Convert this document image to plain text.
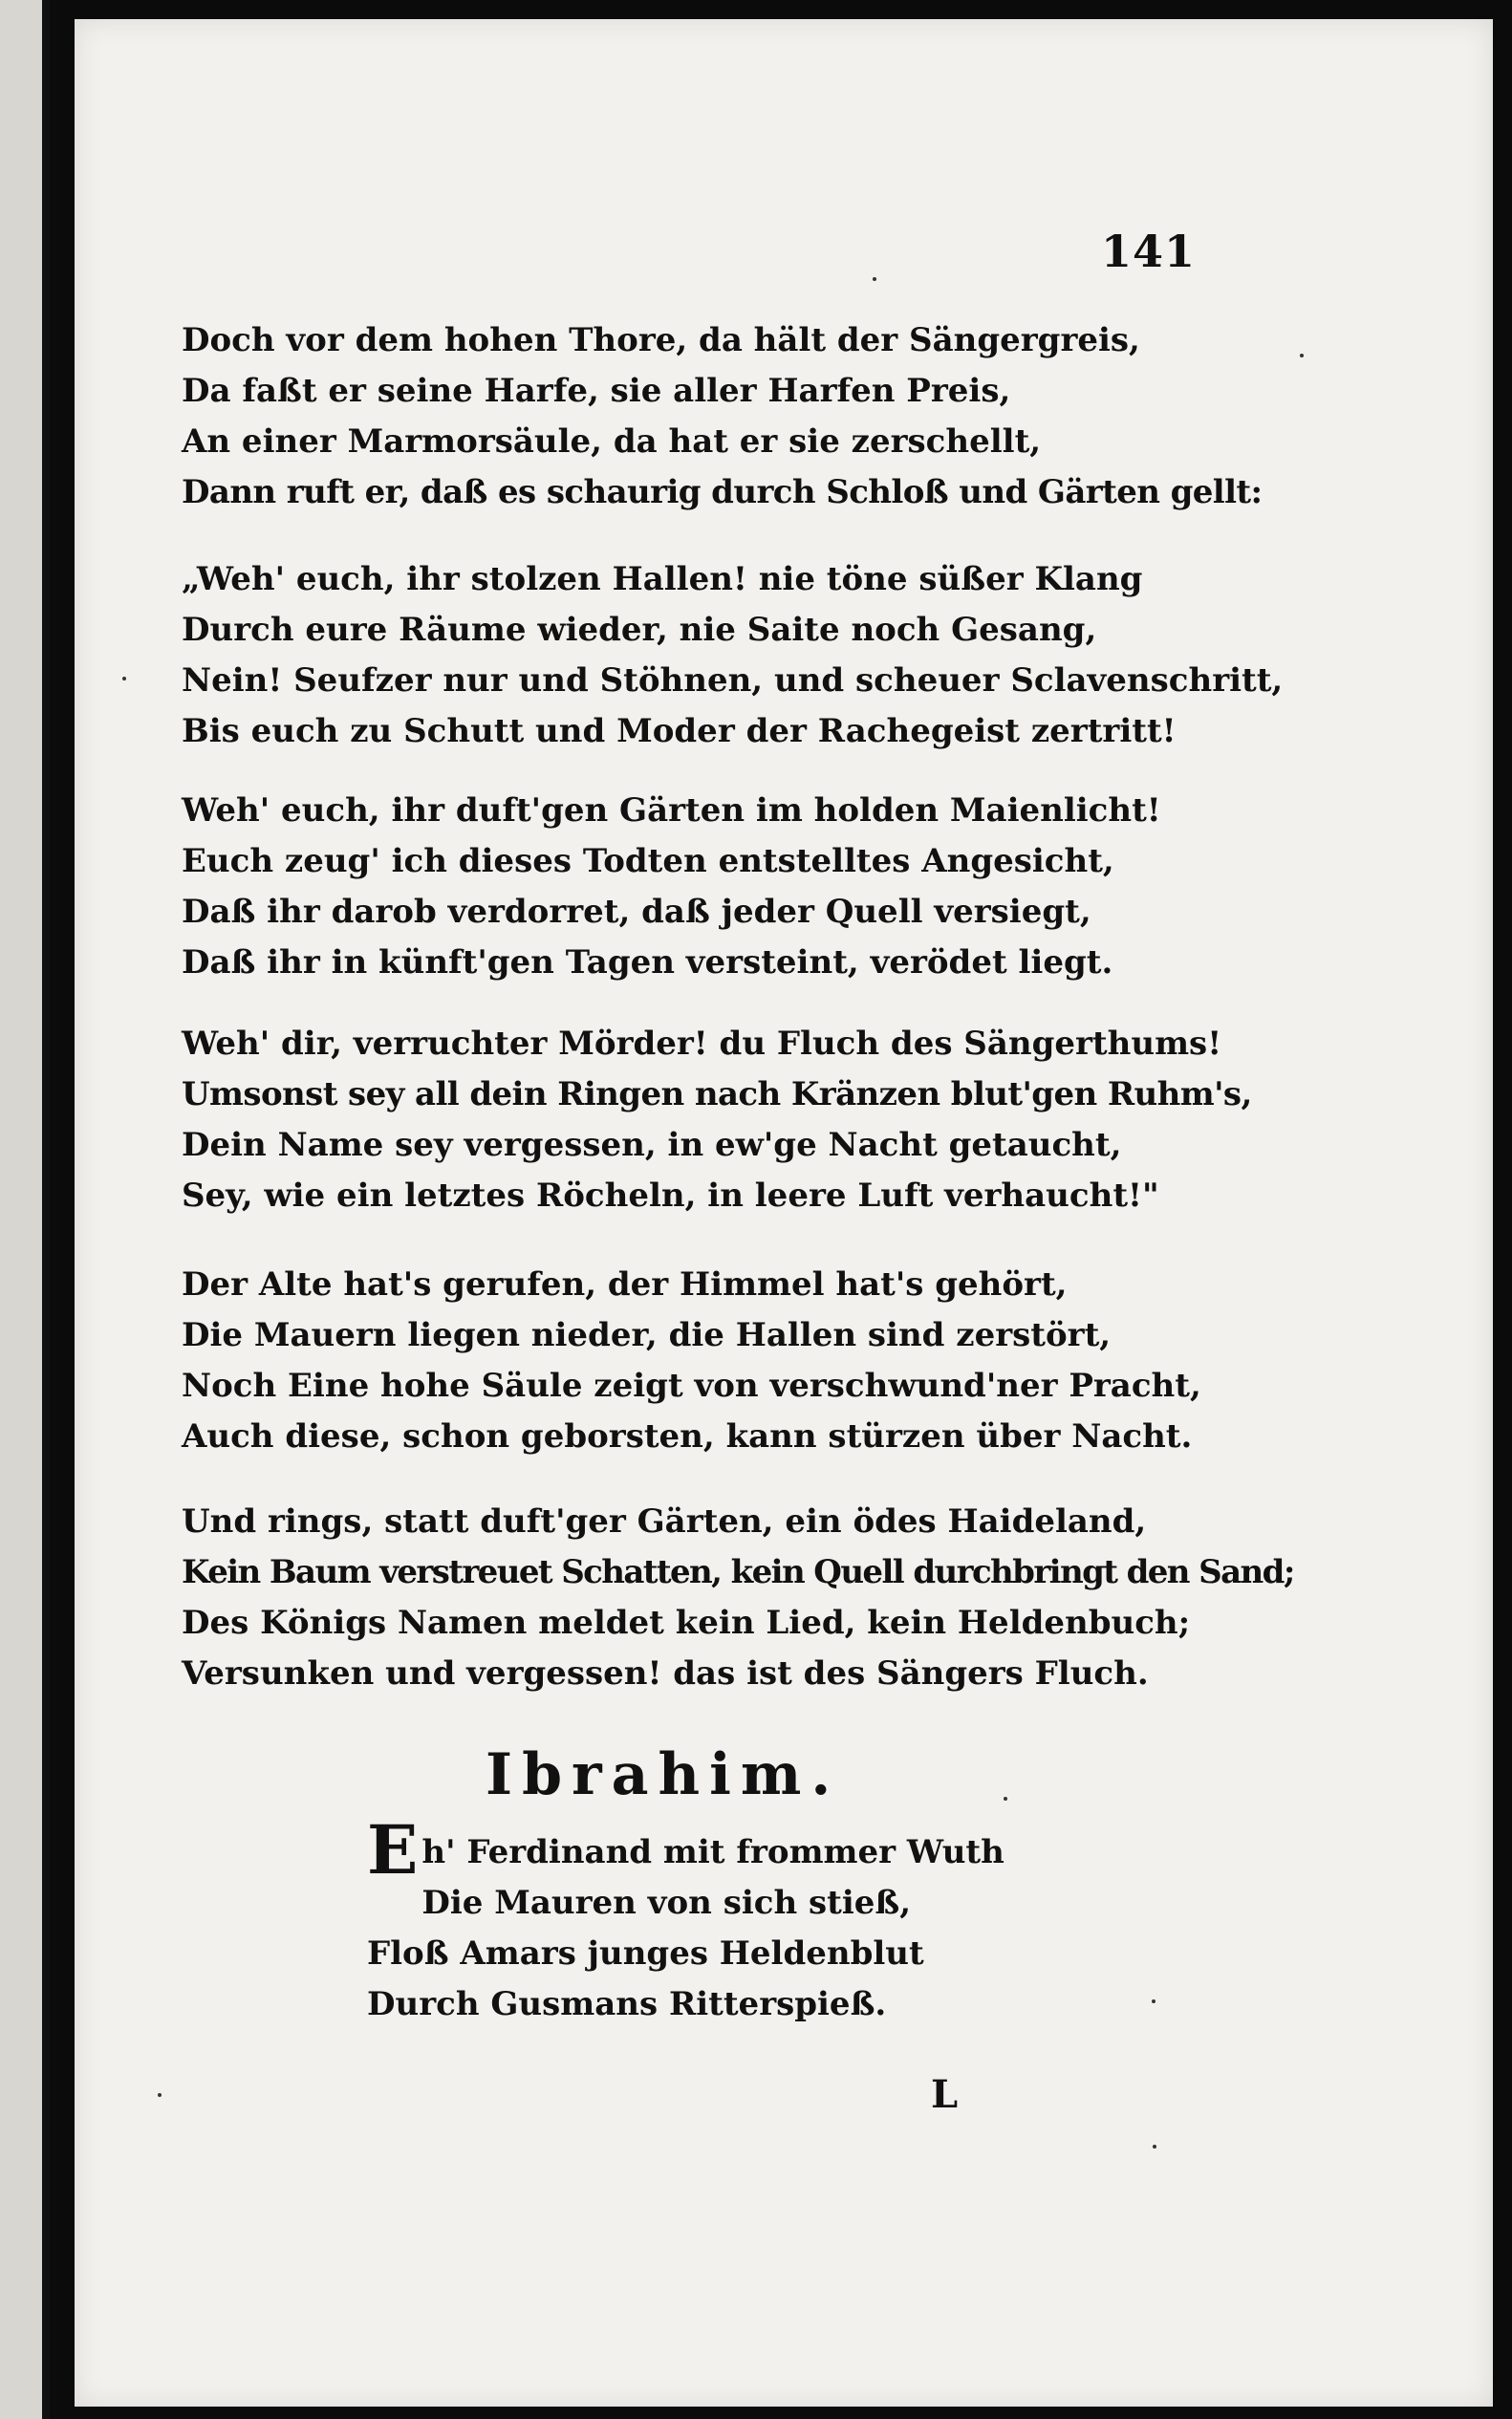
141
Doch vor dem hohen Thore, da hält der Sängergreis,
Da faßt er seine Harfe, sie aller Harfen Preis,
An einer Marmorsäule, da hat er sie zerschellt,
Dann ruft er, daß es schaurig durch Schloß und Gärten gellt:
„Weh' euch, ihr stolzen Hallen! nie töne süßer Klang
Durch eure Räume wieder, nie Saite noch Gesang,
Nein! Seufzer nur und Stöhnen, und scheuer Sclavenschritt,
Bis euch zu Schutt und Moder der Rachegeist zertritt!
Weh' euch, ihr duft'gen Gärten im holden Maienlicht!
Euch zeug' ich dieses Todten entstelltes Angesicht,
Daß ihr darob verdorret, daß jeder Quell versiegt,
Daß ihr in künft'gen Tagen versteint, verödet liegt.
Weh' dir, verruchter Mörder! du Fluch des Sängerthums!
Umsonst sey all dein Ringen nach Kränzen blut'gen Ruhm's,
Dein Name sey vergessen, in ew'ge Nacht getaucht,
Sey, wie ein letztes Röcheln, in leere Luft verhaucht!"
Der Alte hat's gerufen, der Himmel hat's gehört,
Die Mauern liegen nieder, die Hallen sind zerstört,
Noch Eine hohe Säule zeigt von verschwund'ner Pracht,
Auch diese, schon geborsten, kann stürzen über Nacht.
Und rings, statt duft'ger Gärten, ein ödes Haideland,
Kein Baum verstreuet Schatten, kein Quell durchbringt den Sand;
Des Königs Namen meldet kein Lied, kein Heldenbuch;
Versunken und vergessen! das ist des Sängers Fluch.
Ibrahim.
E h' Ferdinand mit frommer Wuth
Die Mauren von sich stieß,
Floß Amars junges Heldenblut
Durch Gusmans Ritterspieß.
L
